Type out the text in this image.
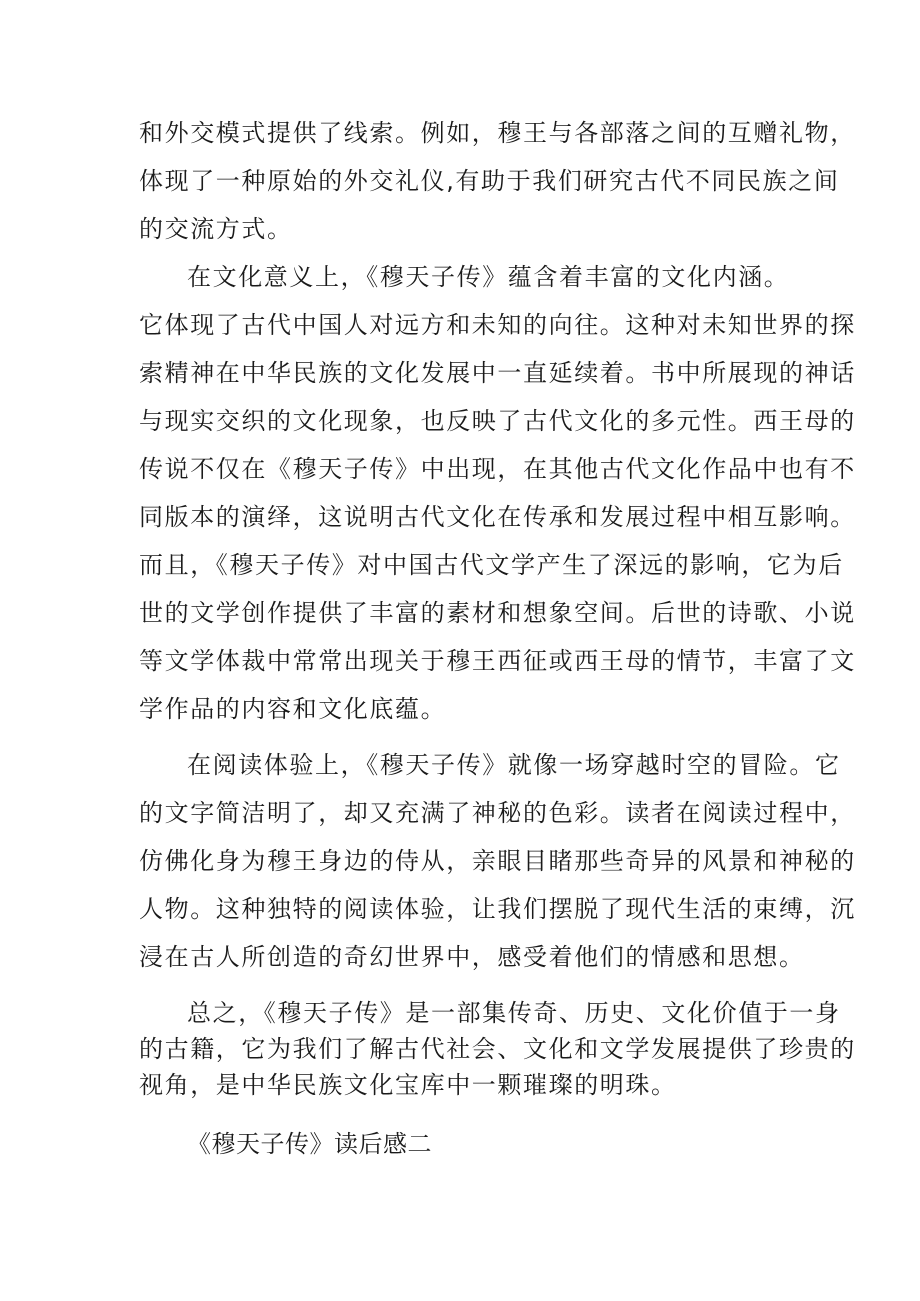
和外交模式提供了线索。例如，穆王与各部落之间的互赠礼物，
体现了一种原始的外交礼仪,有助于我们研究古代不同民族之间
的交流方式。
在文化意义上，《穆天子传》蕴含着丰富的文化内涵。
它体现了古代中国人对远方和未知的向往。这种对未知世界的探
索精神在中华民族的文化发展中一直延续着。书中所展现的神话
与现实交织的文化现象，也反映了古代文化的多元性。西王母的
传说不仅在《穆天子传》中出现，在其他古代文化作品中也有不
同版本的演绎，这说明古代文化在传承和发展过程中相互影响。
而且，《穆天子传》对中国古代文学产生了深远的影响，它为后
世的文学创作提供了丰富的素材和想象空间。后世的诗歌、小说
等文学体裁中常常出现关于穆王西征或西王母的情节，丰富了文
学作品的内容和文化底蕴。
在阅读体验上，《穆天子传》就像一场穿越时空的冒险。它
的文字简洁明了，却又充满了神秘的色彩。读者在阅读过程中，
仿佛化身为穆王身边的侍从，亲眼目睹那些奇异的风景和神秘的
人物。这种独特的阅读体验，让我们摆脱了现代生活的束缚，沉
浸在古人所创造的奇幻世界中，感受着他们的情感和思想。
总之，《穆天子传》是一部集传奇、历史、文化价值于一身
的古籍，它为我们了解古代社会、文化和文学发展提供了珍贵的
视角，是中华民族文化宝库中一颗璀璨的明珠。
《穆天子传》读后感二
